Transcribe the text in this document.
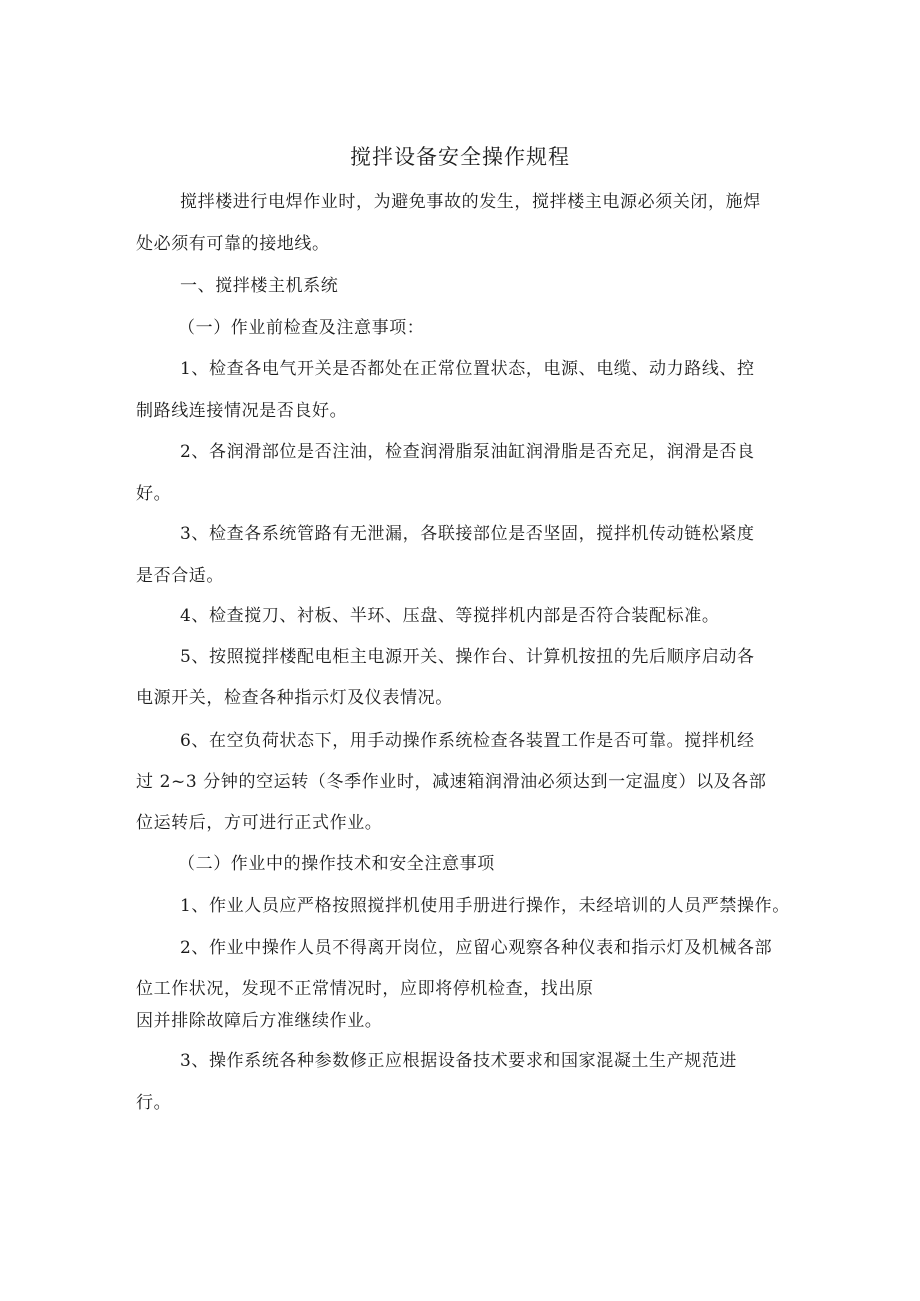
搅拌设备安全操作规程
搅拌楼进行电焊作业时，为避免事故的发生，搅拌楼主电源必须关闭，施焊
处必须有可靠的接地线。
一、搅拌楼主机系统
（一）作业前检查及注意事项：
1、检查各电气开关是否都处在正常位置状态，电源、电缆、动力路线、控
制路线连接情况是否良好。
2、各润滑部位是否注油，检查润滑脂泵油缸润滑脂是否充足，润滑是否良
好。
3、检查各系统管路有无泄漏，各联接部位是否坚固，搅拌机传动链松紧度
是否合适。
4、检查搅刀、衬板、半环、压盘、等搅拌机内部是否符合装配标准。
5、按照搅拌楼配电柜主电源开关、操作台、计算机按扭的先后顺序启动各
电源开关，检查各种指示灯及仪表情况。
6、在空负荷状态下，用手动操作系统检查各装置工作是否可靠。搅拌机经
过 2~3 分钟的空运转（冬季作业时，减速箱润滑油必须达到一定温度）以及各部
位运转后，方可进行正式作业。
（二）作业中的操作技术和安全注意事项
1、作业人员应严格按照搅拌机使用手册进行操作，未经培训的人员严禁操作。
2、作业中操作人员不得离开岗位，应留心观察各种仪表和指示灯及机械各部
位工作状况，发现不正常情况时，应即将停机检查，找出原
因并排除故障后方准继续作业。
3、操作系统各种参数修正应根据设备技术要求和国家混凝土生产规范进
行。
